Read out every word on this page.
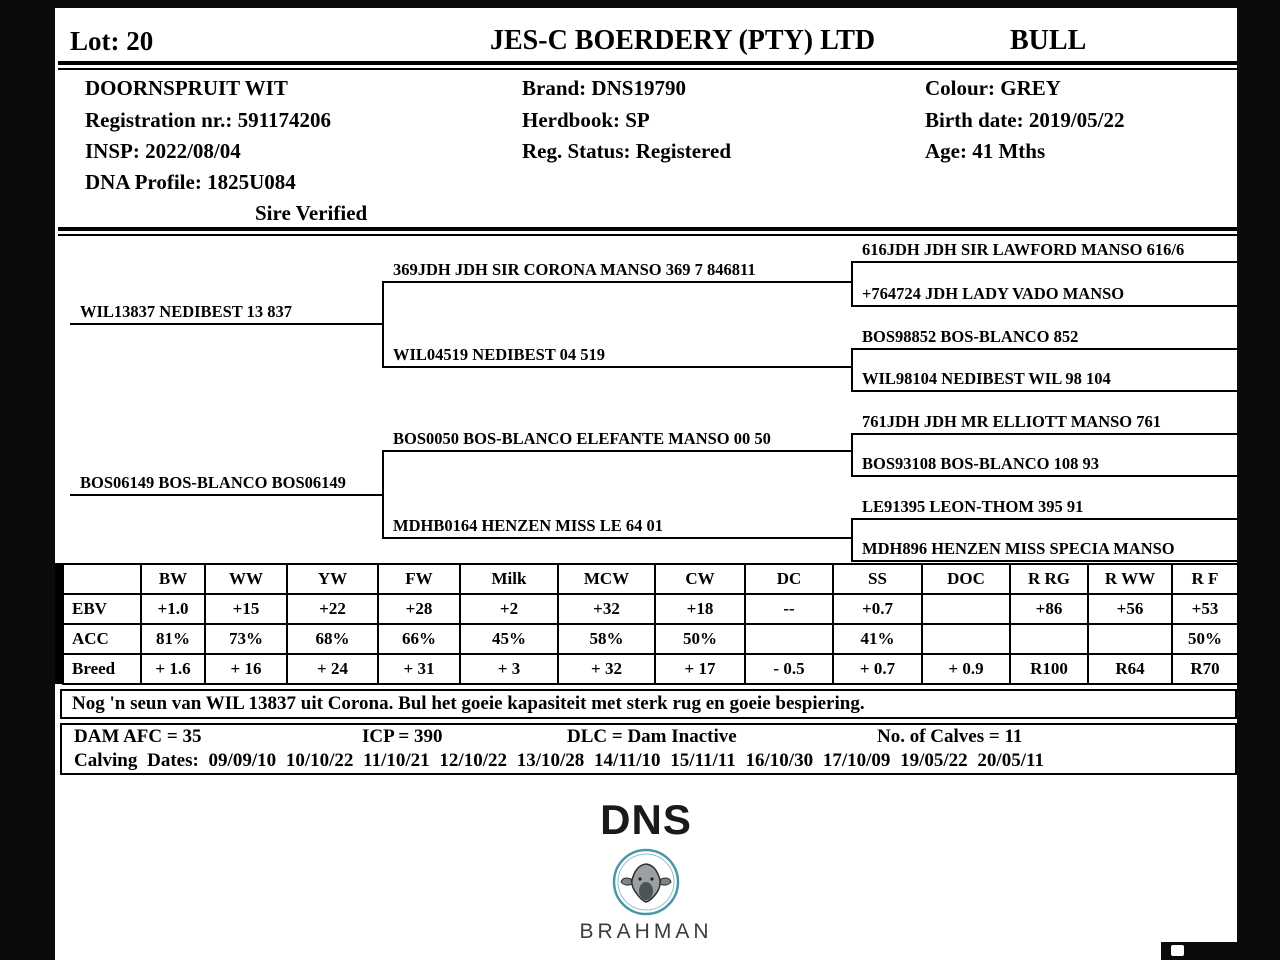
Lot: 20	JES-C BOERDERY (PTY) LTD	BULL
DOORNSPRUIT WIT
Registration nr.: 591174206
INSP: 2022/08/04
DNA Profile: 1825U084
Sire Verified
Brand: DNS19790
Herdbook: SP
Reg. Status: Registered
Colour: GREY
Birth date: 2019/05/22
Age: 41 Mths
WIL13837 NEDIBEST 13 837
BOS06149 BOS-BLANCO BOS06149
369JDH JDH SIR CORONA MANSO 369 7 846811
WIL04519 NEDIBEST 04 519
BOS0050 BOS-BLANCO ELEFANTE MANSO 00 50
MDHB0164 HENZEN MISS LE 64 01
616JDH JDH SIR LAWFORD MANSO 616/6
+764724 JDH LADY VADO MANSO
BOS98852 BOS-BLANCO 852
WIL98104 NEDIBEST WIL 98 104
761JDH JDH MR ELLIOTT MANSO 761
BOS93108 BOS-BLANCO 108 93
LE91395 LEON-THOM 395 91
MDH896 HENZEN MISS SPECIA MANSO
	BW	WW	YW	FW	Milk	MCW	CW	DC	SS	DOC	R RG	R WW	R F
EBV	+1.0	+15	+22	+28	+2	+32	+18	--	+0.7		+86	+56	+53
ACC	81%	73%	68%	66%	45%	58%	50%		41%				50%
Breed	+ 1.6	+ 16	+ 24	+ 31	+ 3	+ 32	+ 17	- 0.5	+ 0.7	+ 0.9	R100	R64	R70
Nog 'n seun van WIL 13837 uit Corona. Bul het goeie kapasiteit met sterk rug en goeie bespiering.
DAM AFC = 35	ICP = 390	DLC = Dam Inactive	No. of Calves = 11
Calving Dates: 09/09/10 10/10/22 11/10/21 12/10/22 13/10/28 14/11/10 15/11/11 16/10/30 17/10/09 19/05/22 20/05/11
DNS
BRAHMAN
